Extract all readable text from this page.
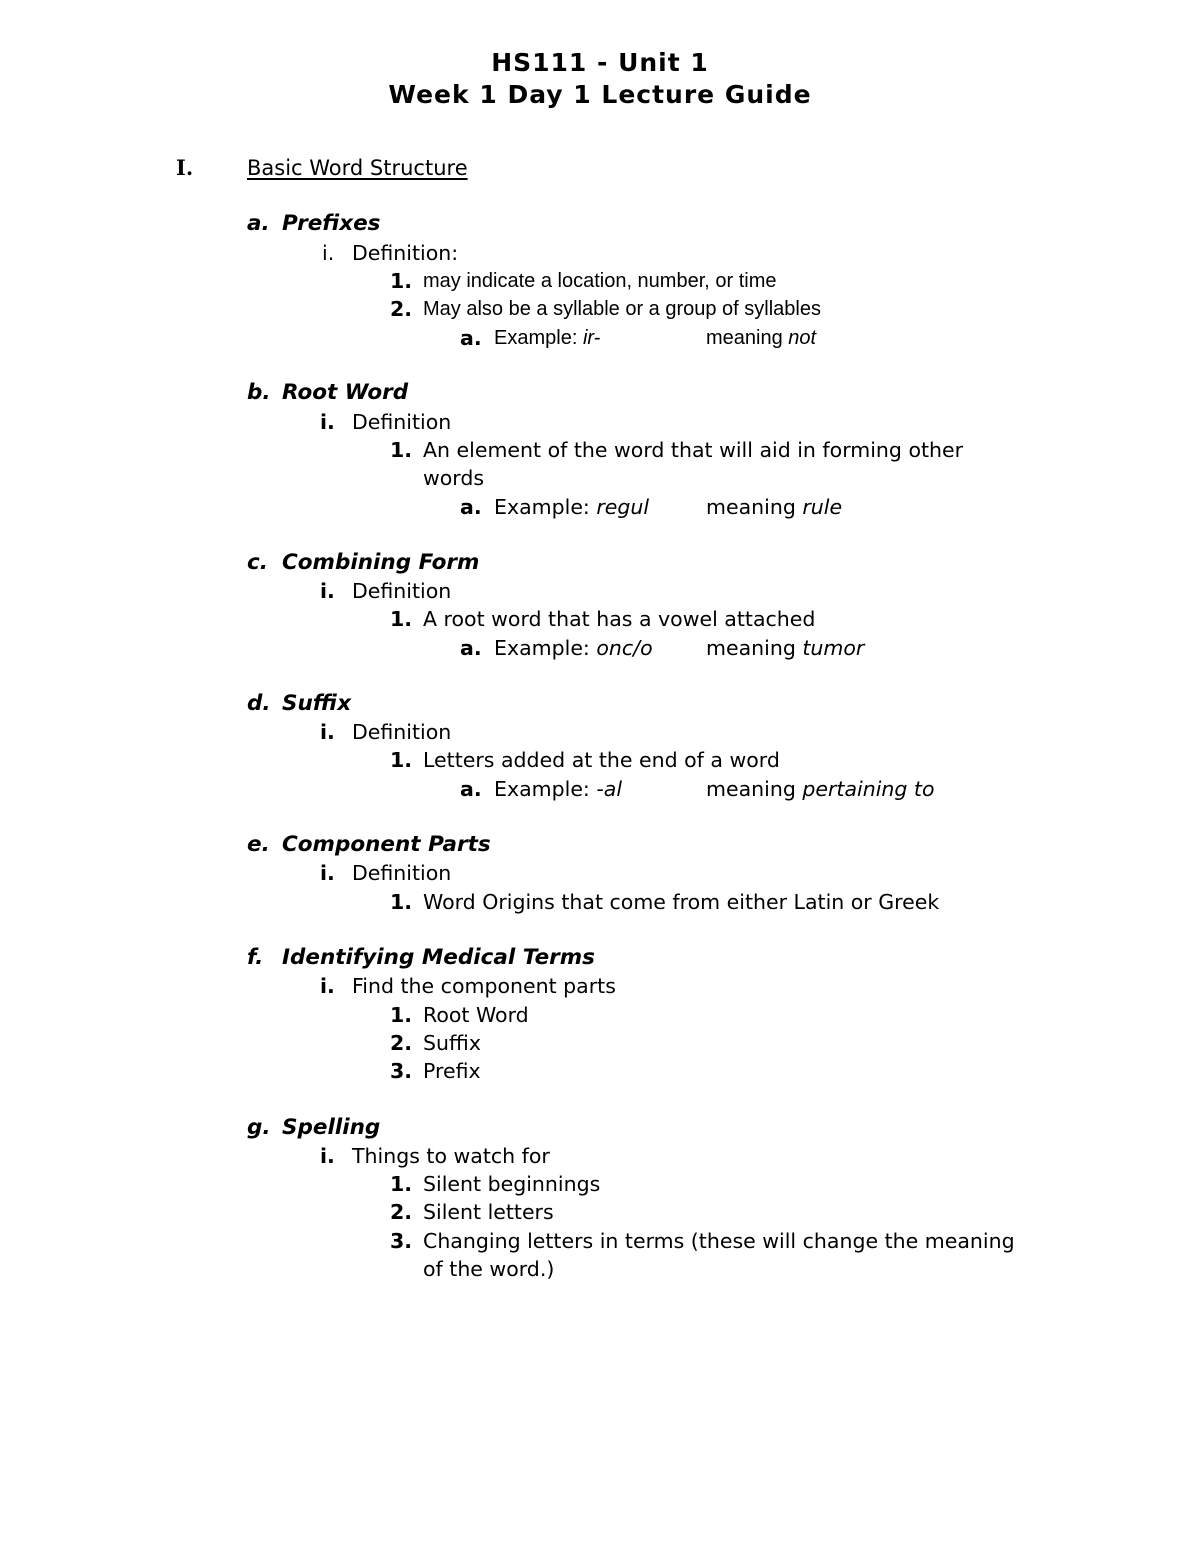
HS111 - Unit 1
Week 1 Day 1 Lecture Guide
I.	Basic Word Structure
a. Prefixes
i. Definition:
1. may indicate a location, number, or time
2. May also be a syllable or a group of syllables
a. Example: ir-	meaning not
b. Root Word
i. Definition
1. An element of the word that will aid in forming other
words
a. Example: regul	meaning rule
c. Combining Form
i. Definition
1. A root word that has a vowel attached
a. Example: onc/o	meaning tumor
d. Suffix
i. Definition
1. Letters added at the end of a word
a. Example: -al	meaning pertaining to
e. Component Parts
i. Definition
1. Word Origins that come from either Latin or Greek
f. Identifying Medical Terms
i. Find the component parts
1. Root Word
2. Suffix
3. Prefix
g. Spelling
i. Things to watch for
1. Silent beginnings
2. Silent letters
3. Changing letters in terms (these will change the meaning
of the word.)
